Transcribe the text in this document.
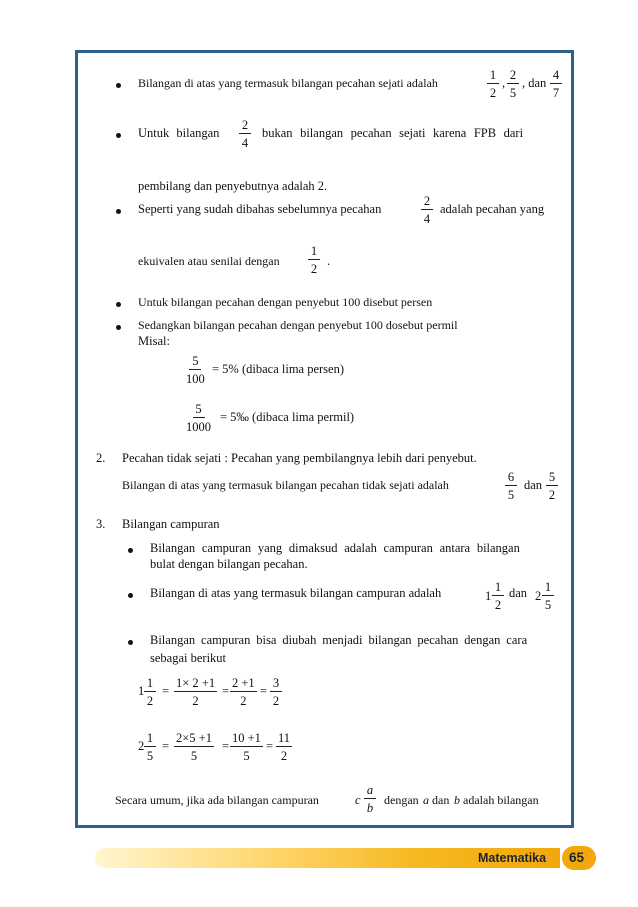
Bilangan di atas yang termasuk bilangan pecahan sejati adalah	$\frac{1}{2}$ , $\frac{2}{5}$ , dan $\frac{4}{7}$
Untuk bilangan $\frac{2}{4}$ bukan bilangan pecahan sejati karena FPB dari
pembilang dan penyebutnya adalah 2.
Seperti yang sudah dibahas sebelumnya pecahan	$\frac{2}{4}$ adalah pecahan yang
ekuivalen atau senilai dengan $\frac{1}{2}$ .
Untuk bilangan pecahan dengan penyebut 100 disebut persen
Sedangkan bilangan pecahan dengan penyebut 100 dosebut permil
Misal:
$\frac{5}{100} = 5\%$ (dibaca lima persen)
$\frac{5}{1000}$ = 5‰ (dibaca lima permil)
2. Pecahan tidak sejati : Pecahan yang pembilangnya lebih dari penyebut.
Bilangan di atas yang termasuk bilangan pecahan tidak sejati adalah	$\frac{6}{5}$ dan $\frac{5}{2}$
3. Bilangan campuran
Bilangan campuran yang dimaksud adalah campuran antara bilangan
bulat dengan bilangan pecahan.
Bilangan di atas yang termasuk bilangan campuran adalah	$1 \frac{1}{2}$ dan $2 \frac{1}{5}$
Bilangan campuran bisa diubah menjadi bilangan pecahan dengan cara
sebagai berikut
$1 \frac{1}{2} = \frac{1\times 2 +1}{2} = \frac{2 +1}{2} = \frac{3}{2}$
$2 \frac{1}{5} = \frac{2\times 5 +1}{5} = \frac{10 +1}{5} = \frac{11}{2}$
Secara umum, jika ada bilangan campuran	c $\frac{a}{b}$ dengan a dan b adalah bilangan
Matematika 65
